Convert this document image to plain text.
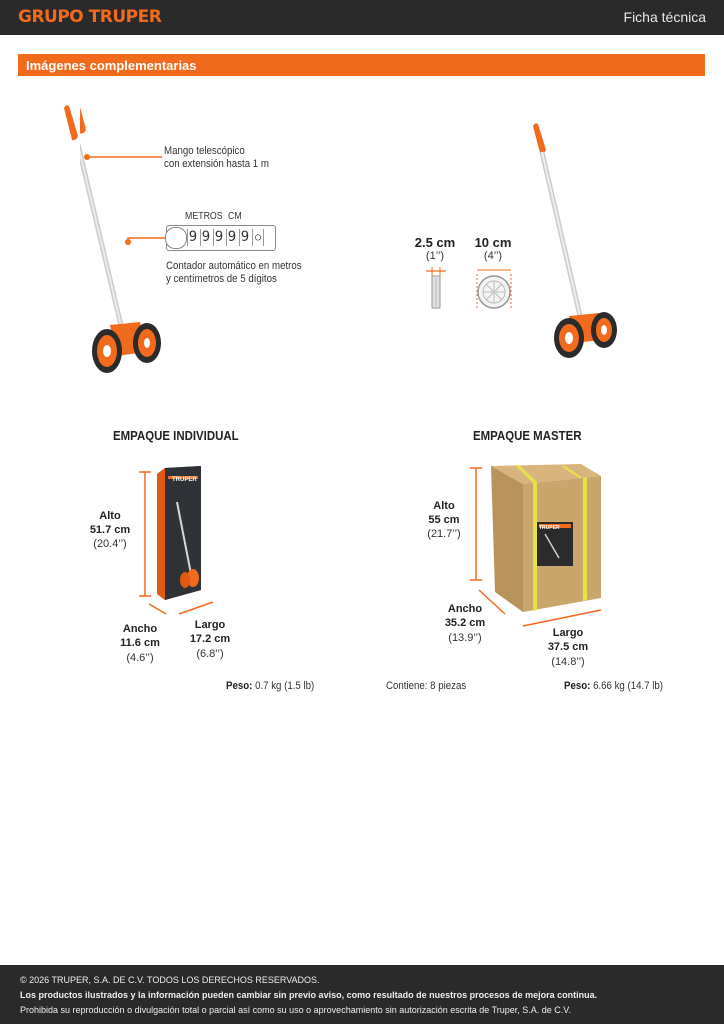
GRUPO TRUPER	Ficha técnica
Imágenes complementarias
Mango telescópico
con extensión hasta 1 m
METROS CM
9 9 9 9 9 ○
Contador automático en metros
y centímetros de 5 dígitos
2.5 cm
(1’’)
10 cm
(4’’)
EMPAQUE INDIVIDUAL	EMPAQUE MASTER
TRUPER
Alto
51.7 cm
(20.4’’)
Ancho
11.6 cm
(4.6’’)
Largo
17.2 cm
(6.8’’)
Peso: 0.7 kg (1.5 lb)
TRUPER
Alto
55 cm
(21.7’’)
Ancho
35.2 cm
(13.9’’)	Largo
37.5 cm
(14.8’’)
Contiene: 8 piezas	Peso: 6.66 kg (14.7 lb)
© 2026 TRUPER, S.A. DE C.V. TODOS LOS DERECHOS RESERVADOS.
Los productos ilustrados y la información pueden cambiar sin previo aviso, como resultado de nuestros procesos de mejora continua.
Prohibida su reproducción o divulgación total o parcial así como su uso o aprovechamiento sin autorización escrita de Truper, S.A. de C.V.
